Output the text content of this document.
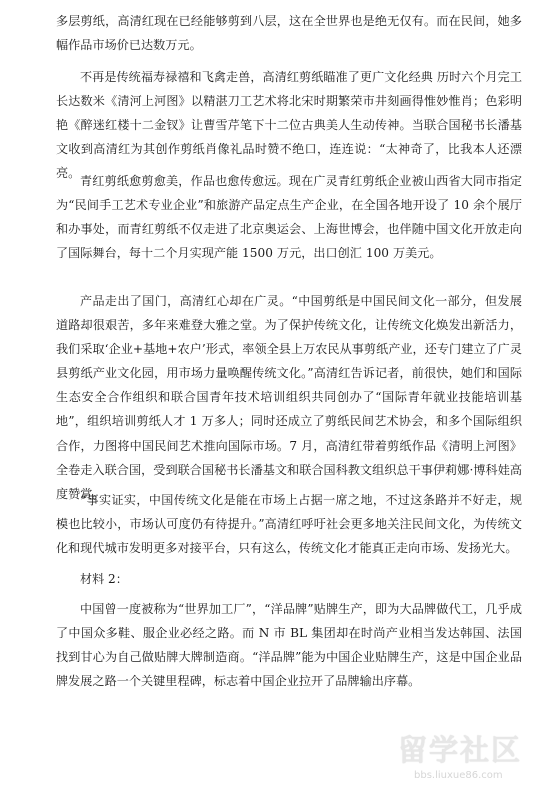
多层剪纸，高清红现在已经能够剪到八层，这在全世界也是绝无仅有。而在民间，她多幅作品市场价已达数万元。

不再是传统福寿禄禧和飞禽走兽，高清红剪纸瞄准了更广文化经典 历时六个月完工长达数米《清河上河图》以精湛刀工艺术将北宋时期繁荣市井刻画得惟妙惟肖；色彩明艳《醉迷红楼十二金钗》让曹雪芹笔下十二位古典美人生动传神。当联合国秘书长潘基文收到高清红为其创作剪纸肖像礼品时赞不绝口，连连说：“太神奇了，比我本人还漂亮。

青红剪纸愈剪愈美，作品也愈传愈远。现在广灵青红剪纸企业被山西省大同市指定为“民间手工艺术专业企业”和旅游产品定点生产企业，在全国各地开设了 10 余个展厅和办事处，而青红剪纸不仅走进了北京奥运会、上海世博会，也伴随中国文化开放走向了国际舞台，每十二个月实现产能 1500 万元，出口创汇 100 万美元。

产品走出了国门，高清红心却在广灵。“中国剪纸是中国民间文化一部分，但发展道路却很艰苦，多年来难登大雅之堂。为了保护传统文化，让传统文化焕发出新活力，我们采取‘企业+基地+农户’形式，率领全县上万农民从事剪纸产业，还专门建立了广灵县剪纸产业文化园，用市场力量唤醒传统文化。”高清红告诉记者，前很快，她们和国际生态安全合作组织和联合国青年技术培训组织共同创办了“国际青年就业技能培训基地”，组织培训剪纸人才 1 万多人；同时还成立了剪纸民间艺术协会，和多个国际组织合作，力图将中国民间艺术推向国际市场。7 月，高清红带着剪纸作品《清明上河图》全卷走入联合国，受到联合国秘书长潘基文和联合国科教文组织总干事伊莉娜·博科娃高度赞赏。

“事实证实，中国传统文化是能在市场上占据一席之地，不过这条路并不好走，规模也比较小，市场认可度仍有待提升。”高清红呼吁社会更多地关注民间文化，为传统文化和现代城市发明更多对接平台，只有这么，传统文化才能真正走向市场、发扬光大。

材料 2：

中国曾一度被称为“世界加工厂”，“洋品牌”贴牌生产，即为大品牌做代工，几乎成了中国众多鞋、服企业必经之路。而 N 市 BL 集团却在时尚产业相当发达韩国、法国找到甘心为自己做贴牌大牌制造商。“洋品牌”能为中国企业贴牌生产，这是中国企业品牌发展之路一个关键里程碑，标志着中国企业拉开了品牌输出序幕。

留学社区
bbs.liuxue86.com
